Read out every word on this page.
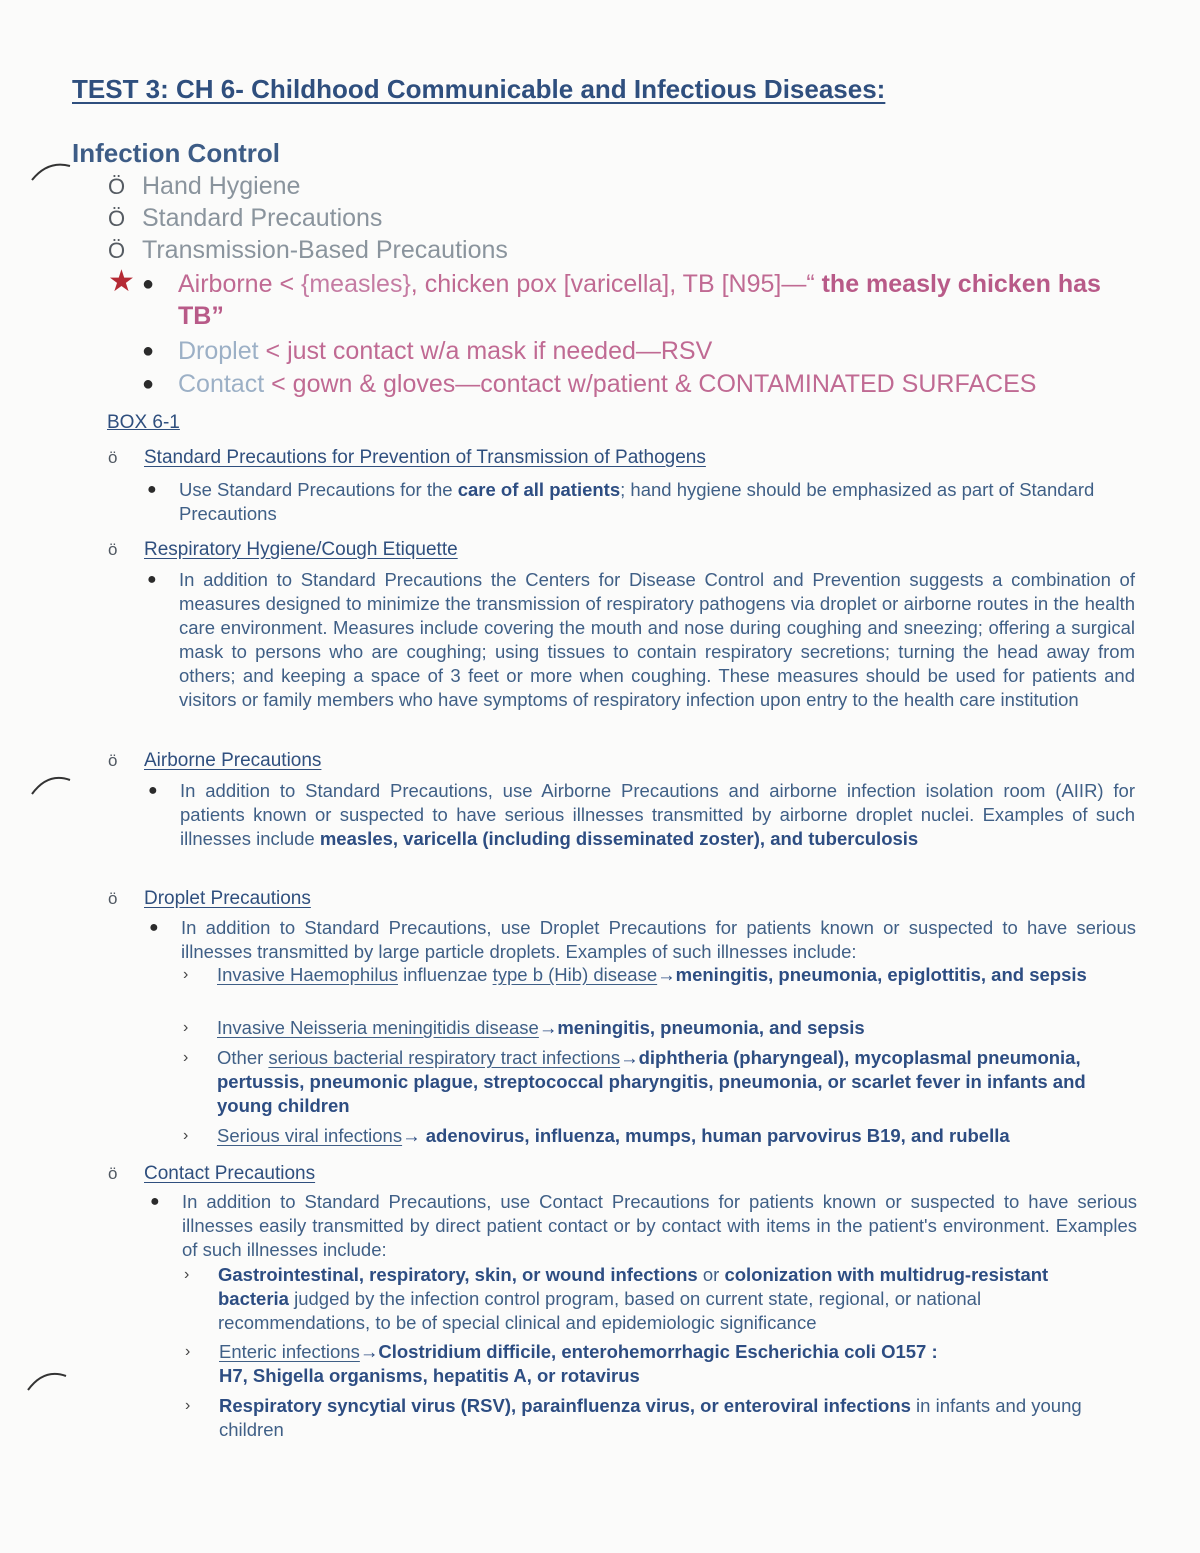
TEST 3: CH 6- Childhood Communicable and Infectious Diseases:
Infection Control
Ö Hand Hygiene
Ö Standard Precautions
Ö Transmission-Based Precautions
★ ● Airborne < {measles}, chicken pox [varicella], TB [N95]—“ the measly chicken has TB”
● Droplet < just contact w/a mask if needed—RSV
● Contact < gown & gloves—contact w/patient & CONTAMINATED SURFACES
BOX 6-1
ö Standard Precautions for Prevention of Transmission of Pathogens
● Use Standard Precautions for the care of all patients; hand hygiene should be emphasized as part of Standard Precautions
ö Respiratory Hygiene/Cough Etiquette
● In addition to Standard Precautions the Centers for Disease Control and Prevention suggests a combination of measures designed to minimize the transmission of respiratory pathogens via droplet or airborne routes in the health care environment. Measures include covering the mouth and nose during coughing and sneezing; offering a surgical mask to persons who are coughing; using tissues to contain respiratory secretions; turning the head away from others; and keeping a space of 3 feet or more when coughing. These measures should be used for patients and visitors or family members who have symptoms of respiratory infection upon entry to the health care institution
ö Airborne Precautions
● In addition to Standard Precautions, use Airborne Precautions and airborne infection isolation room (AIIR) for patients known or suspected to have serious illnesses transmitted by airborne droplet nuclei. Examples of such illnesses include measles, varicella (including disseminated zoster), and tuberculosis
ö Droplet Precautions
● In addition to Standard Precautions, use Droplet Precautions for patients known or suspected to have serious illnesses transmitted by large particle droplets. Examples of such illnesses include:
› Invasive Haemophilus influenzae type b (Hib) disease→meningitis, pneumonia, epiglottitis, and sepsis
› Invasive Neisseria meningitidis disease→meningitis, pneumonia, and sepsis
› Other serious bacterial respiratory tract infections→diphtheria (pharyngeal), mycoplasmal pneumonia, pertussis, pneumonic plague, streptococcal pharyngitis, pneumonia, or scarlet fever in infants and young children
› Serious viral infections→ adenovirus, influenza, mumps, human parvovirus B19, and rubella
ö Contact Precautions
● In addition to Standard Precautions, use Contact Precautions for patients known or suspected to have serious illnesses easily transmitted by direct patient contact or by contact with items in the patient's environment. Examples of such illnesses include:
› Gastrointestinal, respiratory, skin, or wound infections or colonization with multidrug-resistant bacteria judged by the infection control program, based on current state, regional, or national recommendations, to be of special clinical and epidemiologic significance
› Enteric infections→Clostridium difficile, enterohemorrhagic Escherichia coli O157 : H7, Shigella organisms, hepatitis A, or rotavirus
› Respiratory syncytial virus (RSV), parainfluenza virus, or enteroviral infections in infants and young children
